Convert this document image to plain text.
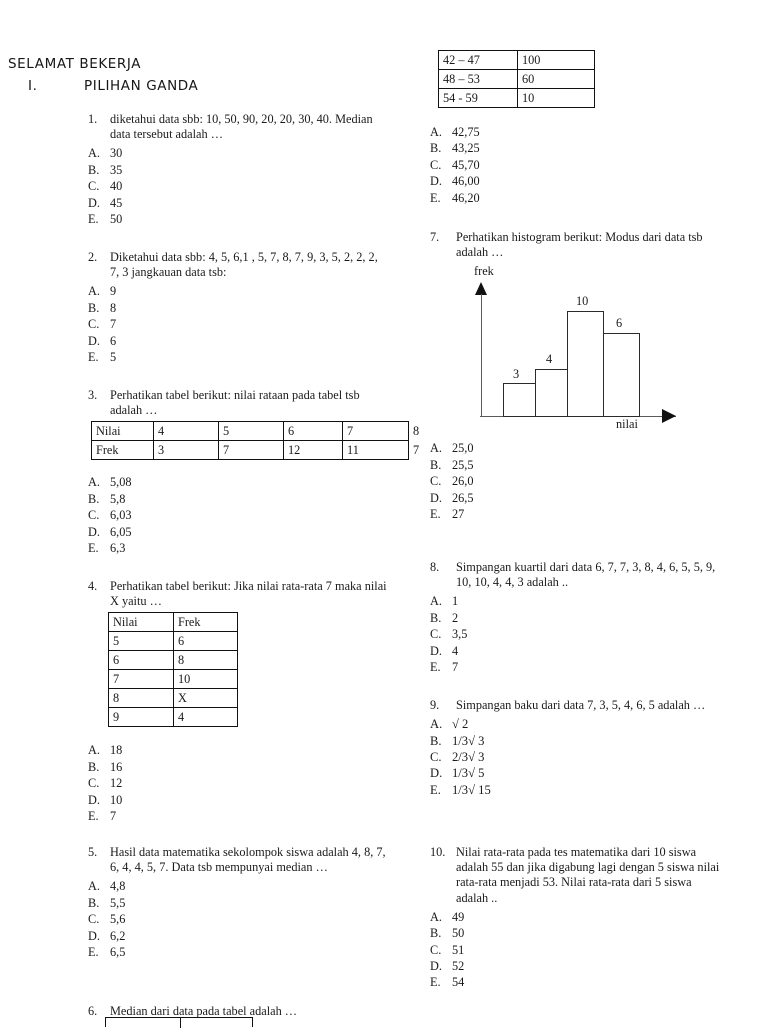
SELAMAT BEKERJA
I.	PILIHAN GANDA
1.	diketahui data sbb: 10, 50, 90, 20, 20, 30, 40. Median data tersebut adalah …
A. 30
B. 35
C. 40
D. 45
E. 50
2.	Diketahui data sbb: 4, 5, 6,1 , 5, 7, 8, 7, 9, 3, 5, 2, 2, 2, 7, 3 jangkauan data tsb:
A. 9
B. 8
C. 7
D. 6
E. 5
3.	Perhatikan tabel berikut: nilai rataan pada tabel tsb adalah …
Nilai	4	5	6	7	8
Frek	3	7	12	11	7
A. 5,08
B. 5,8
C. 6,03
D. 6,05
E. 6,3
4.	Perhatikan tabel berikut: Jika nilai rata-rata 7 maka nilai X yaitu …
Nilai	Frek
5	6
6	8
7	10
8	X
9	4
A. 18
B. 16
C. 12
D. 10
E. 7
5.	Hasil data matematika sekolompok siswa adalah 4, 8, 7, 6, 4, 4, 5, 7. Data tsb mempunyai median …
A. 4,8
B. 5,5
C. 5,6
D. 6,2
E. 6,5
6.	Median dari data pada tabel adalah …
42 – 47	100
48 – 53	60
54 - 59	10
A. 42,75
B. 43,25
C. 45,70
D. 46,00
E. 46,20
7.	Perhatikan histogram berikut: Modus dari data tsb adalah …
frek
nilai
3
4
10
6
A. 25,0
B. 25,5
C. 26,0
D. 26,5
E. 27
8.	Simpangan kuartil dari data 6, 7, 7, 3, 8, 4, 6, 5, 5, 9, 10, 10, 4, 4, 3 adalah ..
A. 1
B. 2
C. 3,5
D. 4
E. 7
9.	Simpangan baku dari data 7, 3, 5, 4, 6, 5 adalah …
A. √ 2
B. 1/3√ 3
C. 2/3√ 3
D. 1/3√ 5
E. 1/3√ 15
10. Nilai rata-rata pada tes matematika dari 10 siswa adalah 55 dan jika digabung lagi dengan 5 siswa nilai rata-rata menjadi 53. Nilai rata-rata dari 5 siswa adalah ..
A. 49
B. 50
C. 51
D. 52
E. 54
